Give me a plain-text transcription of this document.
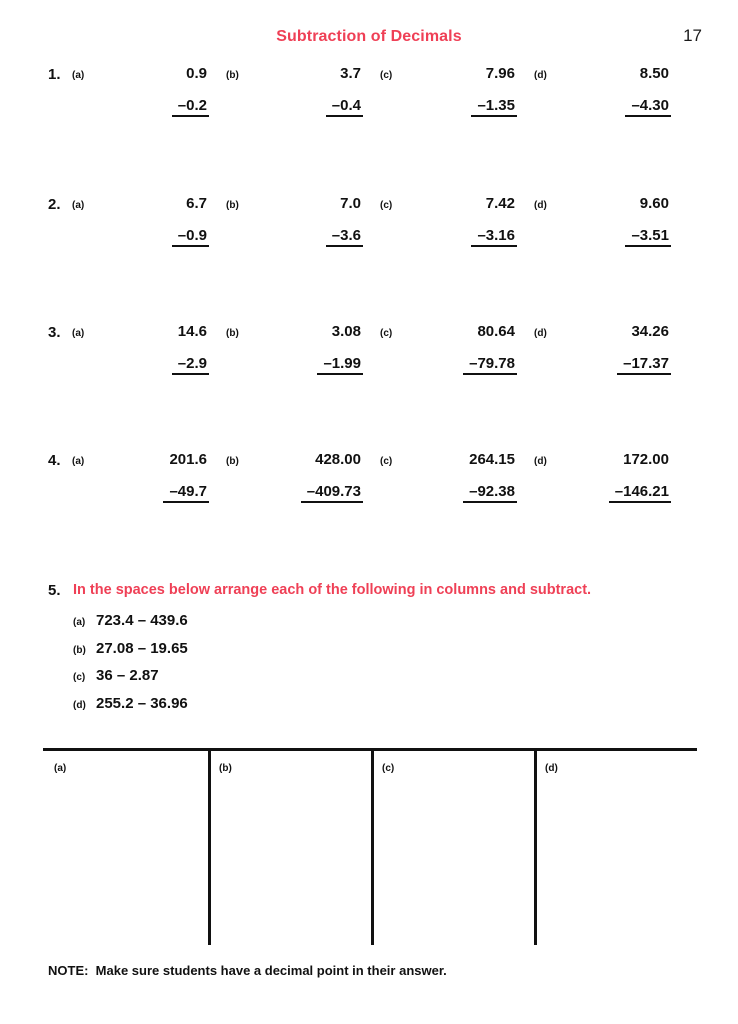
Subtraction of Decimals	17
1. (a)	0.9
–0.2
(b)	3.7
–0.4
(c)	7.96
–1.35
(d)	8.50
–4.30
2. (a)	6.7
–0.9
(b)	7.0
–3.6
(c)	7.42
–3.16
(d)	9.60
–3.51
3. (a)	14.6
–2.9
(b)	3.08
–1.99
(c)	80.64
–79.78
(d)	34.26
–17.37
4. (a)	201.6
–49.7
(b)	428.00
–409.73
(c)	264.15
–92.38
(d)	172.00
–146.21
5. In the spaces below arrange each of the following in columns and subtract.
(a) 723.4 – 439.6
(b) 27.08 – 19.65
(c) 36 – 2.87
(d) 255.2 – 36.96
(a)	(b)	(c)	(d)
NOTE:  Make sure students have a decimal point in their answer.
